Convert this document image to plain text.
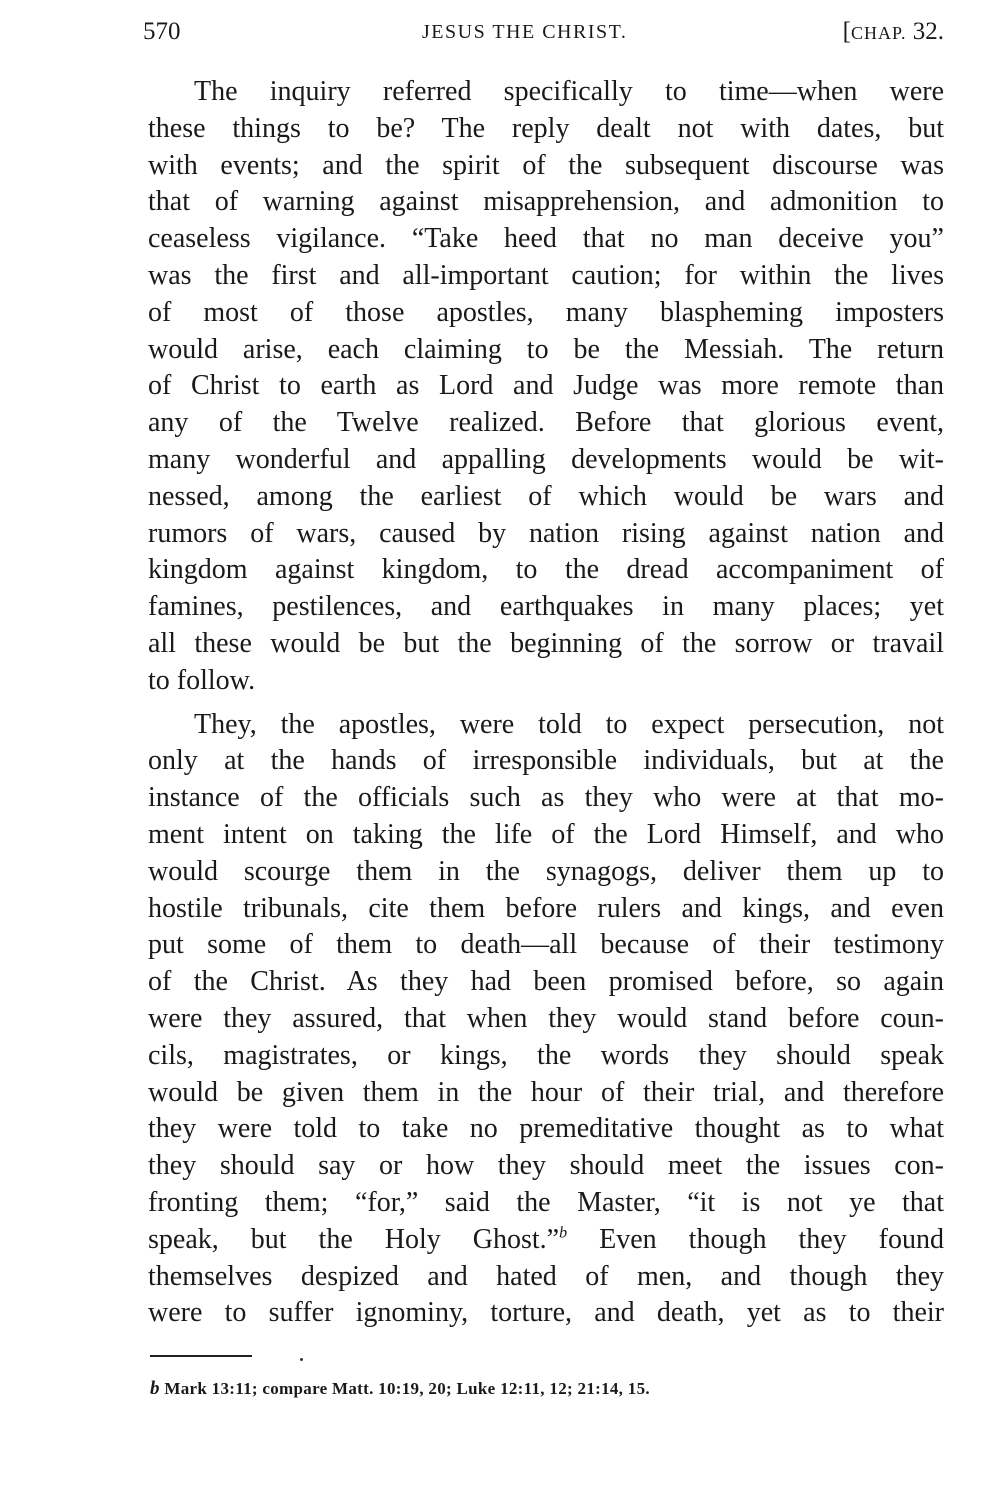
570	JESUS THE CHRIST.	[CHAP. 32.
The inquiry referred specifically to time—when were
these things to be? The reply dealt not with dates, but
with events; and the spirit of the subsequent discourse was
that of warning against misapprehension, and admonition to
ceaseless vigilance. “Take heed that no man deceive you”
was the first and all-important caution; for within the lives
of most of those apostles, many blaspheming imposters
would arise, each claiming to be the Messiah. The return
of Christ to earth as Lord and Judge was more remote than
any of the Twelve realized. Before that glorious event,
many wonderful and appalling developments would be wit-
nessed, among the earliest of which would be wars and
rumors of wars, caused by nation rising against nation and
kingdom against kingdom, to the dread accompaniment of
famines, pestilences, and earthquakes in many places; yet
all these would be but the beginning of the sorrow or travail
to follow.
They, the apostles, were told to expect persecution, not
only at the hands of irresponsible individuals, but at the
instance of the officials such as they who were at that mo-
ment intent on taking the life of the Lord Himself, and who
would scourge them in the synagogs, deliver them up to
hostile tribunals, cite them before rulers and kings, and even
put some of them to death—all because of their testimony
of the Christ. As they had been promised before, so again
were they assured, that when they would stand before coun-
cils, magistrates, or kings, the words they should speak
would be given them in the hour of their trial, and therefore
they were told to take no premeditative thought as to what
they should say or how they should meet the issues con-
fronting them; “for,” said the Master, “it is not ye that
speak, but the Holy Ghost.”$^b$ Even though they found
themselves despized and hated of men, and though they
were to suffer ignominy, torture, and death, yet as to their
b Mark 13:11; compare Matt. 10:19, 20; Luke 12:11, 12; 21:14, 15.
